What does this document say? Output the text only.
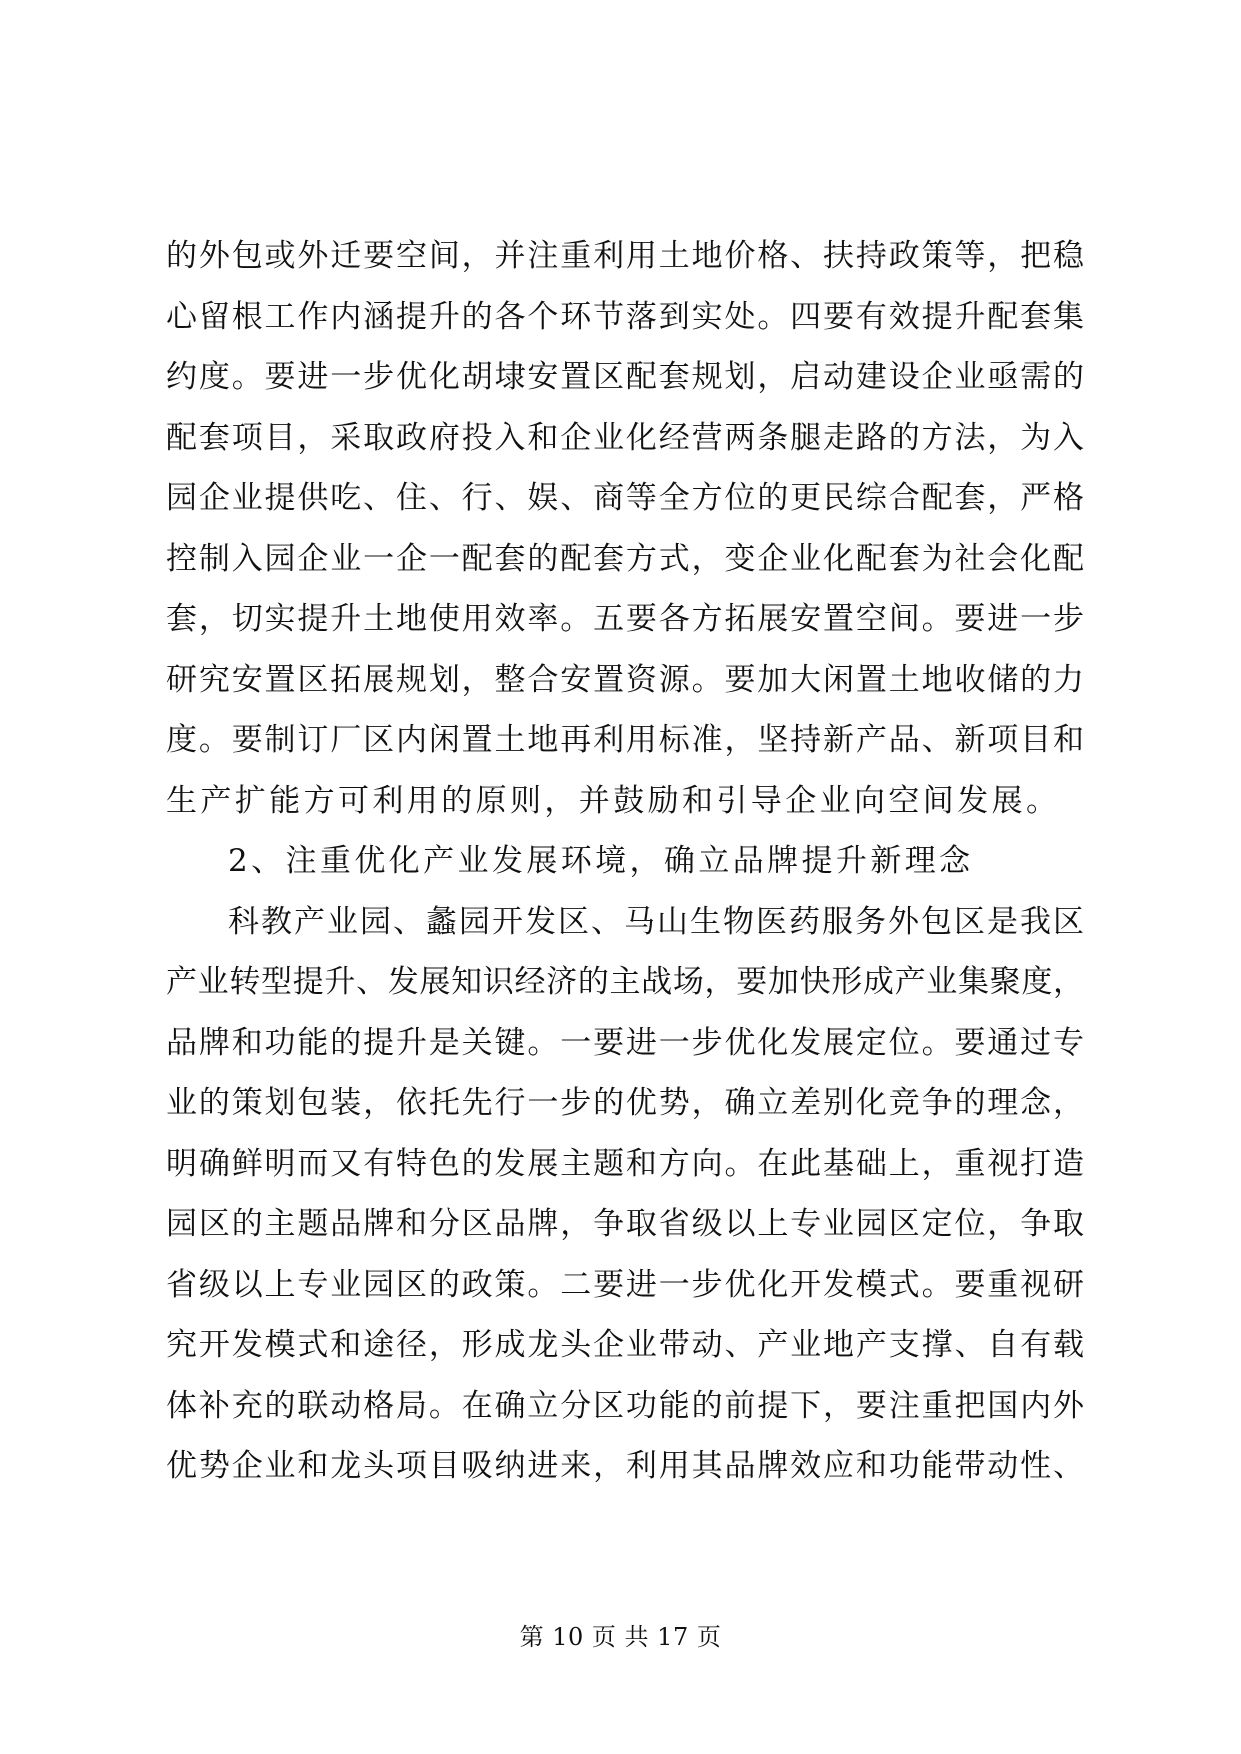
的外包或外迁要空间，并注重利用土地价格、扶持政策等，把稳
心留根工作内涵提升的各个环节落到实处。四要有效提升配套集
约度。要进一步优化胡埭安置区配套规划，启动建设企业亟需的
配套项目，采取政府投入和企业化经营两条腿走路的方法，为入
园企业提供吃、住、行、娱、商等全方位的更民综合配套，严格
控制入园企业一企一配套的配套方式，变企业化配套为社会化配
套，切实提升土地使用效率。五要各方拓展安置空间。要进一步
研究安置区拓展规划，整合安置资源。要加大闲置土地收储的力
度。要制订厂区内闲置土地再利用标准，坚持新产品、新项目和
生产扩能方可利用的原则，并鼓励和引导企业向空间发展。
2、注重优化产业发展环境，确立品牌提升新理念
科教产业园、蠡园开发区、马山生物医药服务外包区是我区
产业转型提升、发展知识经济的主战场，要加快形成产业集聚度，
品牌和功能的提升是关键。一要进一步优化发展定位。要通过专
业的策划包装，依托先行一步的优势，确立差别化竞争的理念，
明确鲜明而又有特色的发展主题和方向。在此基础上，重视打造
园区的主题品牌和分区品牌，争取省级以上专业园区定位，争取
省级以上专业园区的政策。二要进一步优化开发模式。要重视研
究开发模式和途径，形成龙头企业带动、产业地产支撑、自有载
体补充的联动格局。在确立分区功能的前提下，要注重把国内外
优势企业和龙头项目吸纳进来，利用其品牌效应和功能带动性、
第 10 页 共 17 页
